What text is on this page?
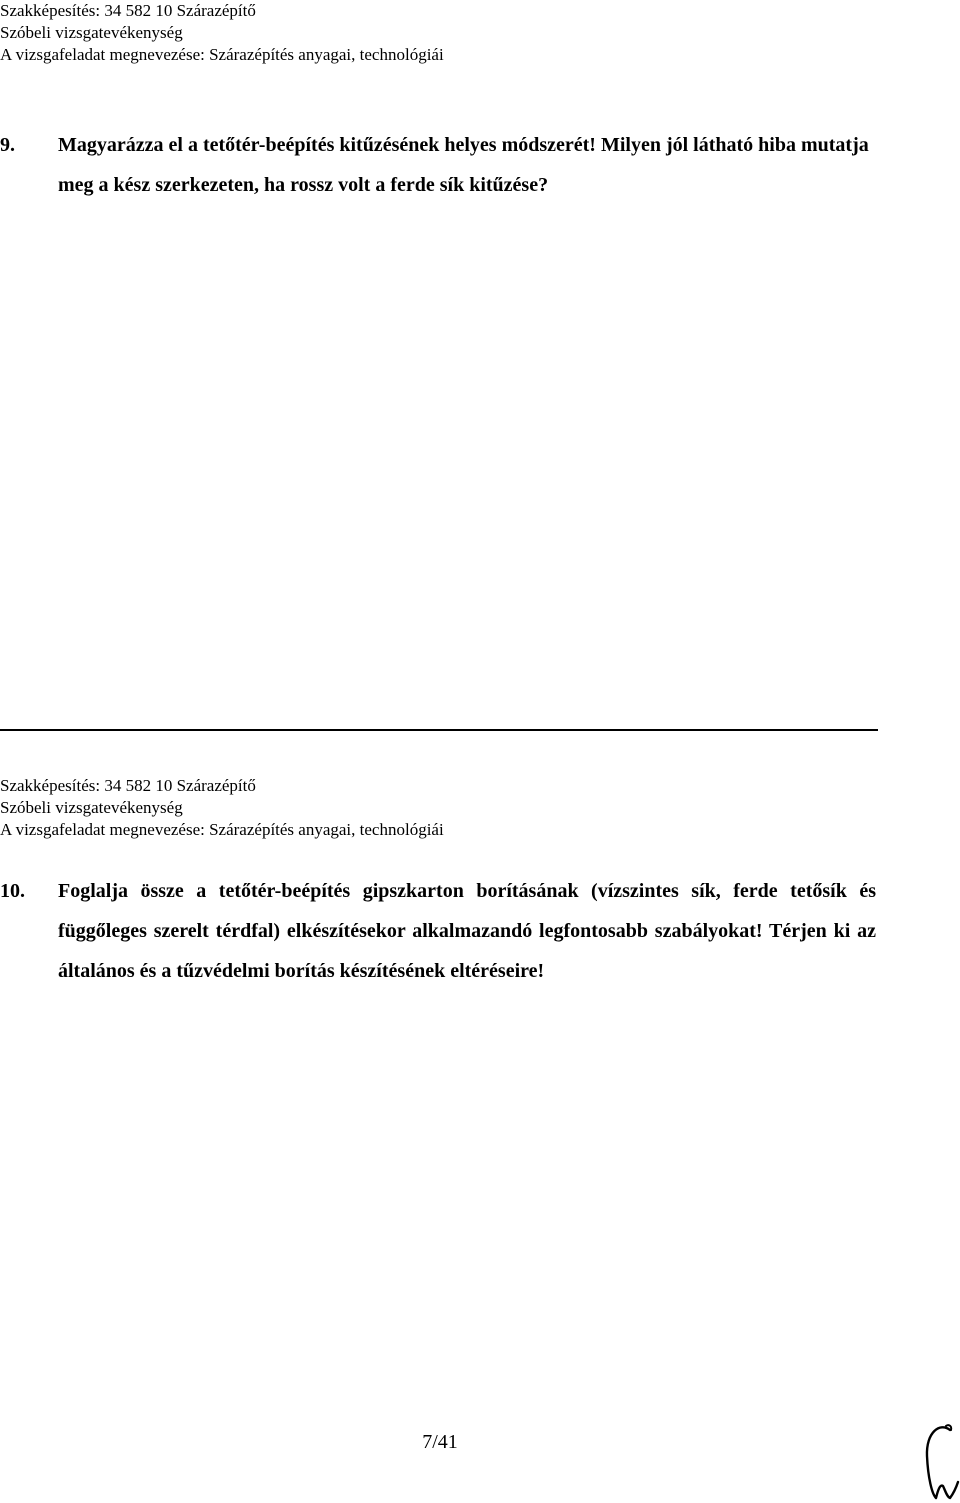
Szakképesítés: 34 582 10 Szárazépítő
Szóbeli vizsgatevékenység
A vizsgafeladat megnevezése: Szárazépítés anyagai, technológiái
9. Magyarázza el a tetőtér-beépítés kitűzésének helyes módszerét! Milyen jól látható hiba mutatja meg a kész szerkezeten, ha rossz volt a ferde sík kitűzése?
Szakképesítés: 34 582 10 Szárazépítő
Szóbeli vizsgatevékenység
A vizsgafeladat megnevezése: Szárazépítés anyagai, technológiái
10. Foglalja össze a tetőtér-beépítés gipszkarton borításának (vízszintes sík, ferde tetősík és függőleges szerelt térdfal) elkészítésekor alkalmazandó legfontosabb szabályokat! Térjen ki az általános és a tűzvédelmi borítás készítésének eltéréseire!
7/41
